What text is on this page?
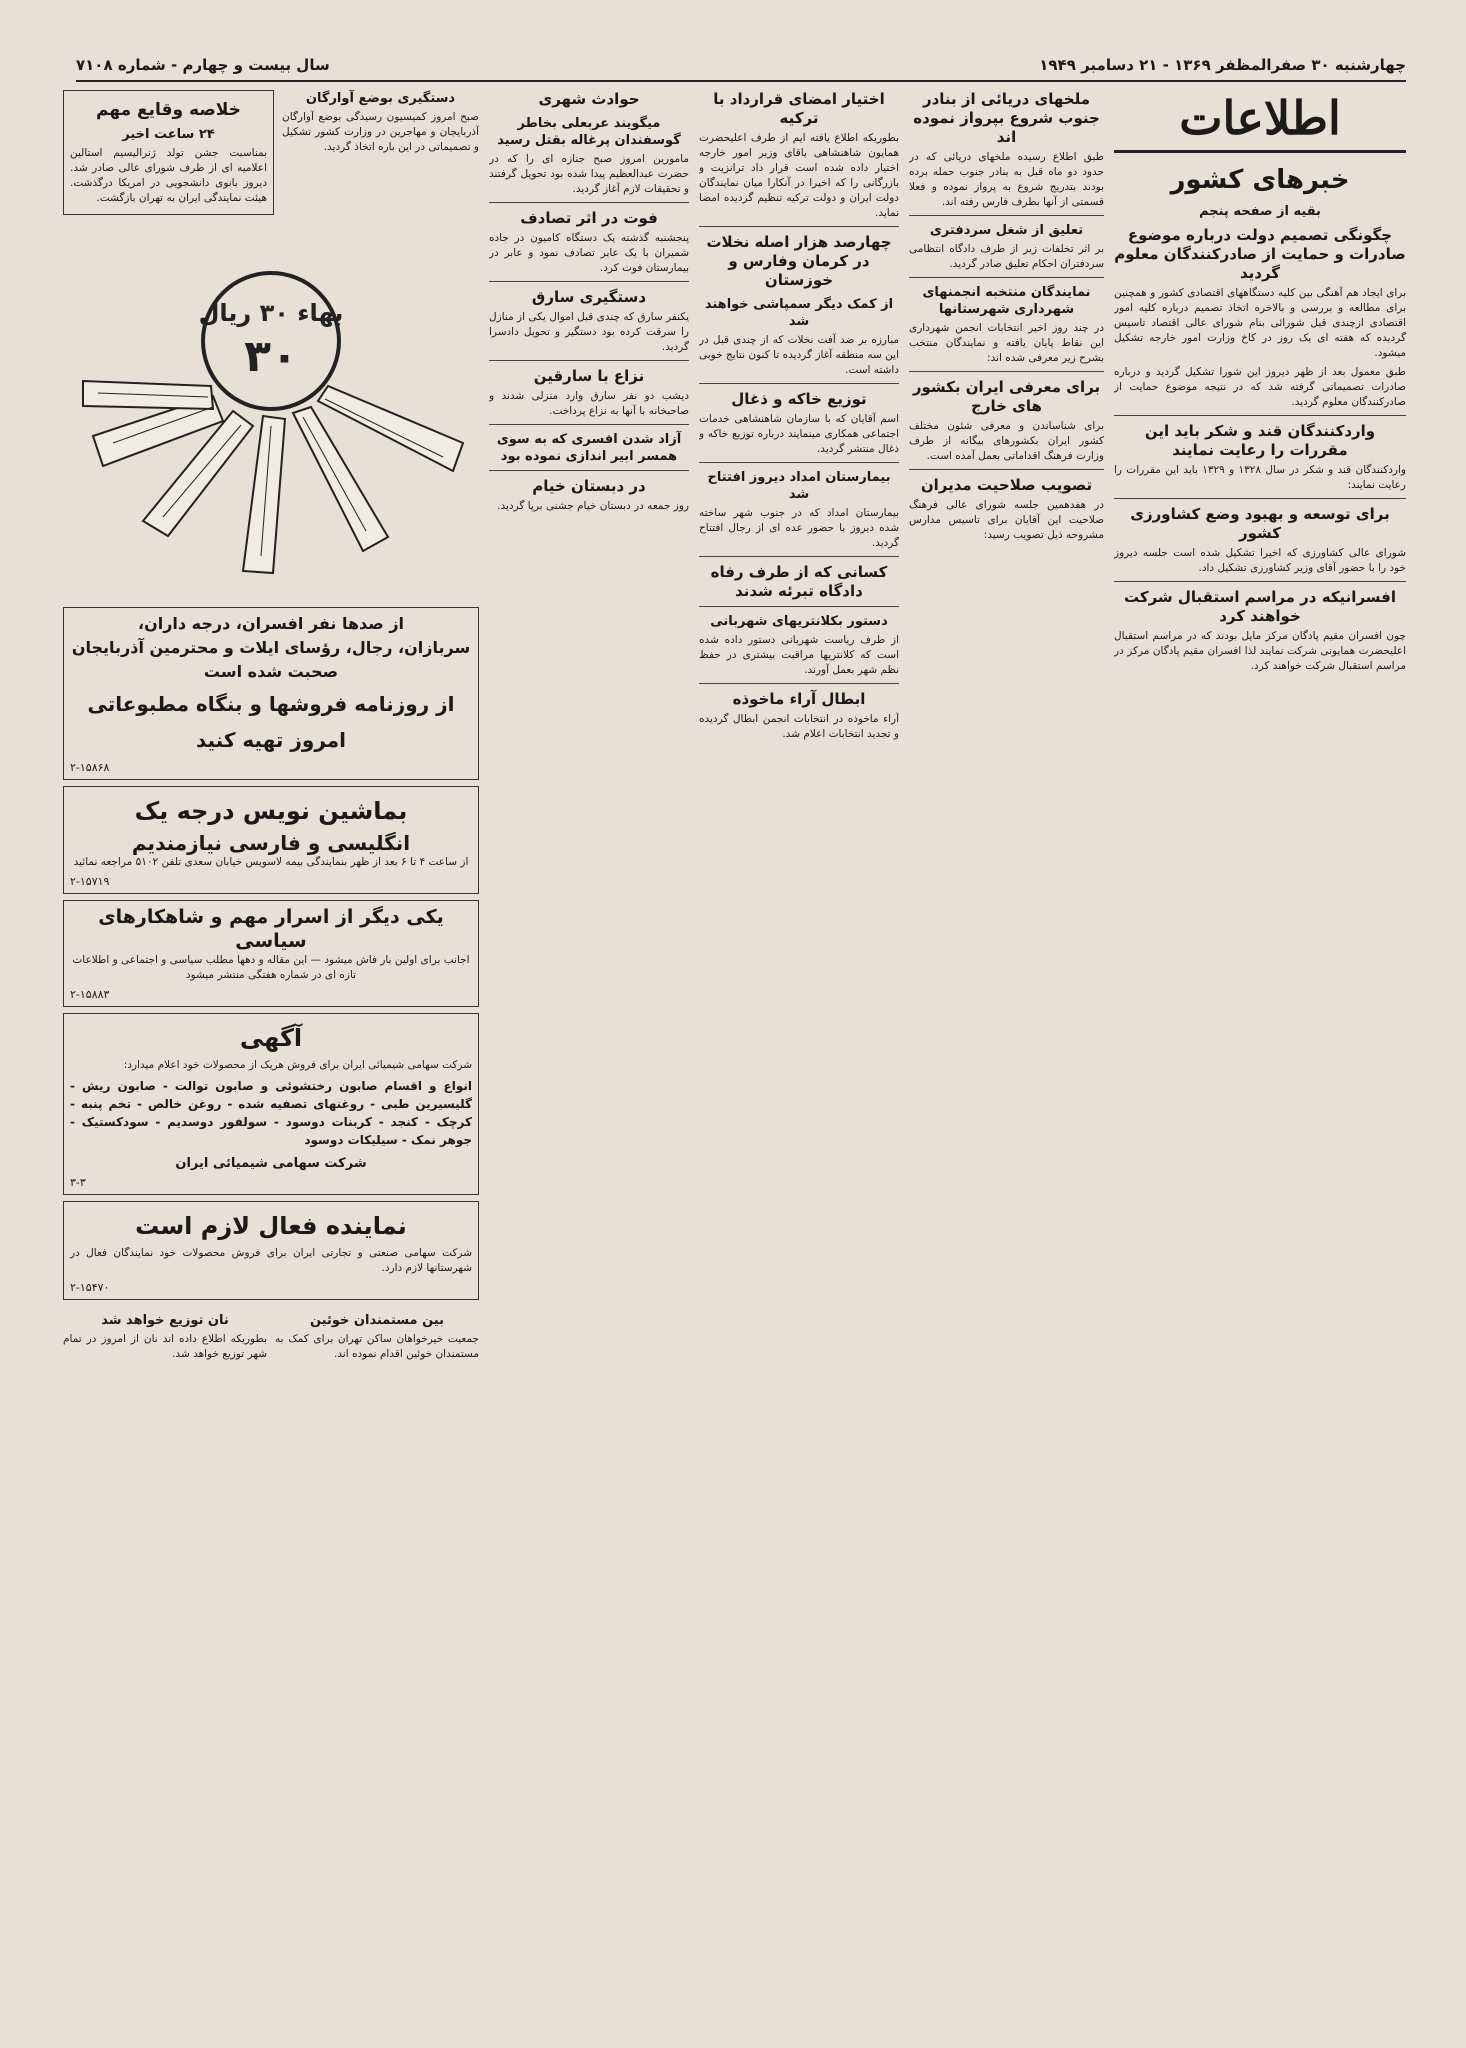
چهارشنبه ۳۰ صفرالمظفر ۱۳۶۹ - ۲۱ دسامبر ۱۹۴۹
سال بیست و چهارم - شماره ۷۱۰۸
اطلاعات
خبرهای کشور
بقیه از صفحه پنجم
چگونگی تصمیم دولت درباره موضوع صادرات و حمایت از صادرکنندگان معلوم گردید

برای ایجاد هم آهنگی بین کلیه دستگاههای اقتصادی کشور و همچنین برای مطالعه و بررسی و بالاخره اتخاذ تصمیم درباره کلیه امور اقتصادی ازچندی قبل شورائی بنام شورای عالی اقتصاد تاسیس گردیده که هفته ای یک روز در کاخ وزارت امور خارجه تشکیل میشود.

طبق معمول بعد از ظهر دیروز این شورا تشکیل گردید و درباره صادرات تصمیماتی گرفته شد که در نتیجه موضوع حمایت از صادرکنندگان معلوم گردید.

واردکنندگان قند و شکر باید این مقررات را رعایت نمایند

واردکنندگان قند و شکر در سال ۱۳۲۸ و ۱۳۲۹ باید این مقررات را رعایت نمایند:

برای توسعه و بهبود وضع کشاورزی کشور

شورای عالی کشاورزی که اخیرا تشکیل شده است جلسه دیروز خود را با حضور آقای وزیر کشاورزی تشکیل داد.

افسرانیکه در مراسم استقبال شرکت خواهند کرد

چون افسران مقیم پادگان مرکز مایل بودند که در مراسم استقبال اعلیحضرت همایونی شرکت نمایند لذا افسران مقیم پادگان مرکز در مراسم استقبال شرکت خواهند کرد.

ملخهای دریائی از بنادر جنوب شروع بپرواز نموده اند

طبق اطلاع رسیده ملخهای دریائی که در حدود دو ماه قبل به بنادر جنوب حمله برده بودند بتدریج شروع به پرواز نموده و فعلا قسمتی از آنها بطرف فارس رفته اند.

تعلیق از شغل سردفتری

بر اثر تخلفات زیر از طرف دادگاه انتظامی سردفتران احکام تعلیق صادر گردید.

نمایندگان منتخبه انجمنهای شهرداری شهرستانها

در چند روز اخیر انتخابات انجمن شهرداری این نقاط پایان یافته و نمایندگان منتخب بشرح زیر معرفی شده اند:

برای معرفی ایران بکشور های خارج

برای شناساندن و معرفی شئون مختلف کشور ایران بکشورهای بیگانه از طرف وزارت فرهنگ اقداماتی بعمل آمده است.

تصویب صلاحیت مدیران

در هفدهمین جلسه شورای عالی فرهنگ صلاحیت این آقایان برای تاسیس مدارس مشروحه ذیل تصویب رسید:

اختیار امضای قرارداد با ترکیه

بطوریکه اطلاع یافته ایم از طرف اعلیحضرت همایون شاهنشاهی باقای وزیر امور خارجه اختیار داده شده است قرار داد ترانزیت و بازرگانی را که اخیرا در آنکارا میان نمایندگان دولت ایران و دولت ترکیه تنظیم گردیده امضا نماید.

چهارصد هزار اصله نخلات در کرمان وفارس و خوزستان
از کمک دیگر سمپاشی خواهند شد

مبارزه بر ضد آفت نخلات که از چندی قبل در این سه منطقه آغاز گردیده تا کنون نتایج خوبی داشته است.

توزیع خاکه و ذغال

اسم آقایان که با سازمان شاهنشاهی خدمات اجتماعی همکاری مینمایند درباره توزیع خاکه و ذغال منتشر گردید.

بیمارستان امداد دیروز افتتاح شد

بیمارستان امداد که در جنوب شهر ساخته شده دیروز با حضور عده ای از رجال افتتاح گردید.

کسانی که از طرف رفاه دادگاه تبرئه شدند
دستور بکلانتریهای شهربانی

از طرف ریاست شهربانی دستور داده شده است که کلانتریها مراقبت بیشتری در حفظ نظم شهر بعمل آورند.

ابطال آراء ماخوذه

آراء ماخوذه در انتخابات انجمن ابطال گردیده و تجدید انتخابات اعلام شد.

حوادث شهری
میگویند عربعلی بخاطر گوسفندان پرغاله بقتل رسید

مامورین امروز صبح جنازه ای را که در حضرت عبدالعظیم پیدا شده بود تحویل گرفتند و تحقیقات لازم آغاز گردید.

فوت در اثر تصادف

پنجشنبه گذشته یک دستگاه کامیون در جاده شمیران با یک عابر تصادف نمود و عابر در بیمارستان فوت کرد.

دستگیری سارق

یکنفر سارق که چندی قبل اموال یکی از منازل را سرقت کرده بود دستگیر و تحویل دادسرا گردید.

نزاع با سارقین

دیشب دو نفر سارق وارد منزلی شدند و صاحبخانه با آنها به نزاع پرداخت.

آزاد شدن افسری که به سوی همسر ابیر اندازی نموده بود
در دبستان خیام

روز جمعه در دبستان خیام جشنی برپا گردید.

دستگیری بوضع آوارگان

صبح امروز کمیسیون رسیدگی بوضع آوارگان آذربایجان و مهاجرین در وزارت کشور تشکیل و تصمیماتی در این باره اتخاذ گردید.

خلاصه وقایع مهم
۲۴ ساعت اخیر

بمناسبت جشن تولد ژنرالیسیم استالین اعلامیه ای از طرف شورای عالی صادر شد. دیروز بانوی دانشجویی در امریکا درگذشت. هیئت نمایندگی ایران به تهران بازگشت.

بهاء ۳۰ ریال
۳۰
از صدها نفر افسران، درجه داران،
سربازان، رجال، رؤسای ایلات و محترمین آذربایجان
صحبت شده است
از روزنامه فروشها و بنگاه مطبوعاتی
امروز تهیه کنید
۲-۱۵۸۶۸
بماشین نویس درجه یک
انگلیسی و فارسی نیازمندیم

از ساعت ۴ تا ۶ بعد از ظهر بنمایندگی بیمه لاسویس خیابان سعدی تلفن ۵۱۰۲ مراجعه نمائید

۲-۱۵۷۱۹
یکی دیگر از اسرار مهم و شاهکارهای سیاسی

اجانب برای اولین بار فاش میشود — این مقاله و دهها مطلب سیاسی و اجتماعی و اطلاعات تازه ای در شماره هفتگی منتشر میشود

۲-۱۵۸۸۳
آگهی

شرکت سهامی شیمیائی ایران برای فروش هریک از محصولات خود اعلام میدارد:

انواع و اقسام صابون رختشوئی و صابون توالت - صابون ریش - گلیسیرین طبی - روغنهای تصفیه شده - روغن خالص - تخم پنبه - کرچک - کنجد - کربنات دوسود - سولفور دوسدیم - سودکستیک - جوهر نمک - سیلیکات دوسود

شرکت سهامی شیمیائی ایران
۳-۳
نماینده فعال لازم است

شرکت سهامی صنعتی و تجارتی ایران برای فروش محصولات خود نمایندگان فعال در شهرستانها لازم دارد.

۲-۱۵۴۷۰
بین مستمندان خوئین

جمعیت خیرخواهان ساکن تهران برای کمک به مستمندان خوئین اقدام نموده اند.

نان توزیع خواهد شد

بطوریکه اطلاع داده اند نان از امروز در تمام شهر توزیع خواهد شد.
